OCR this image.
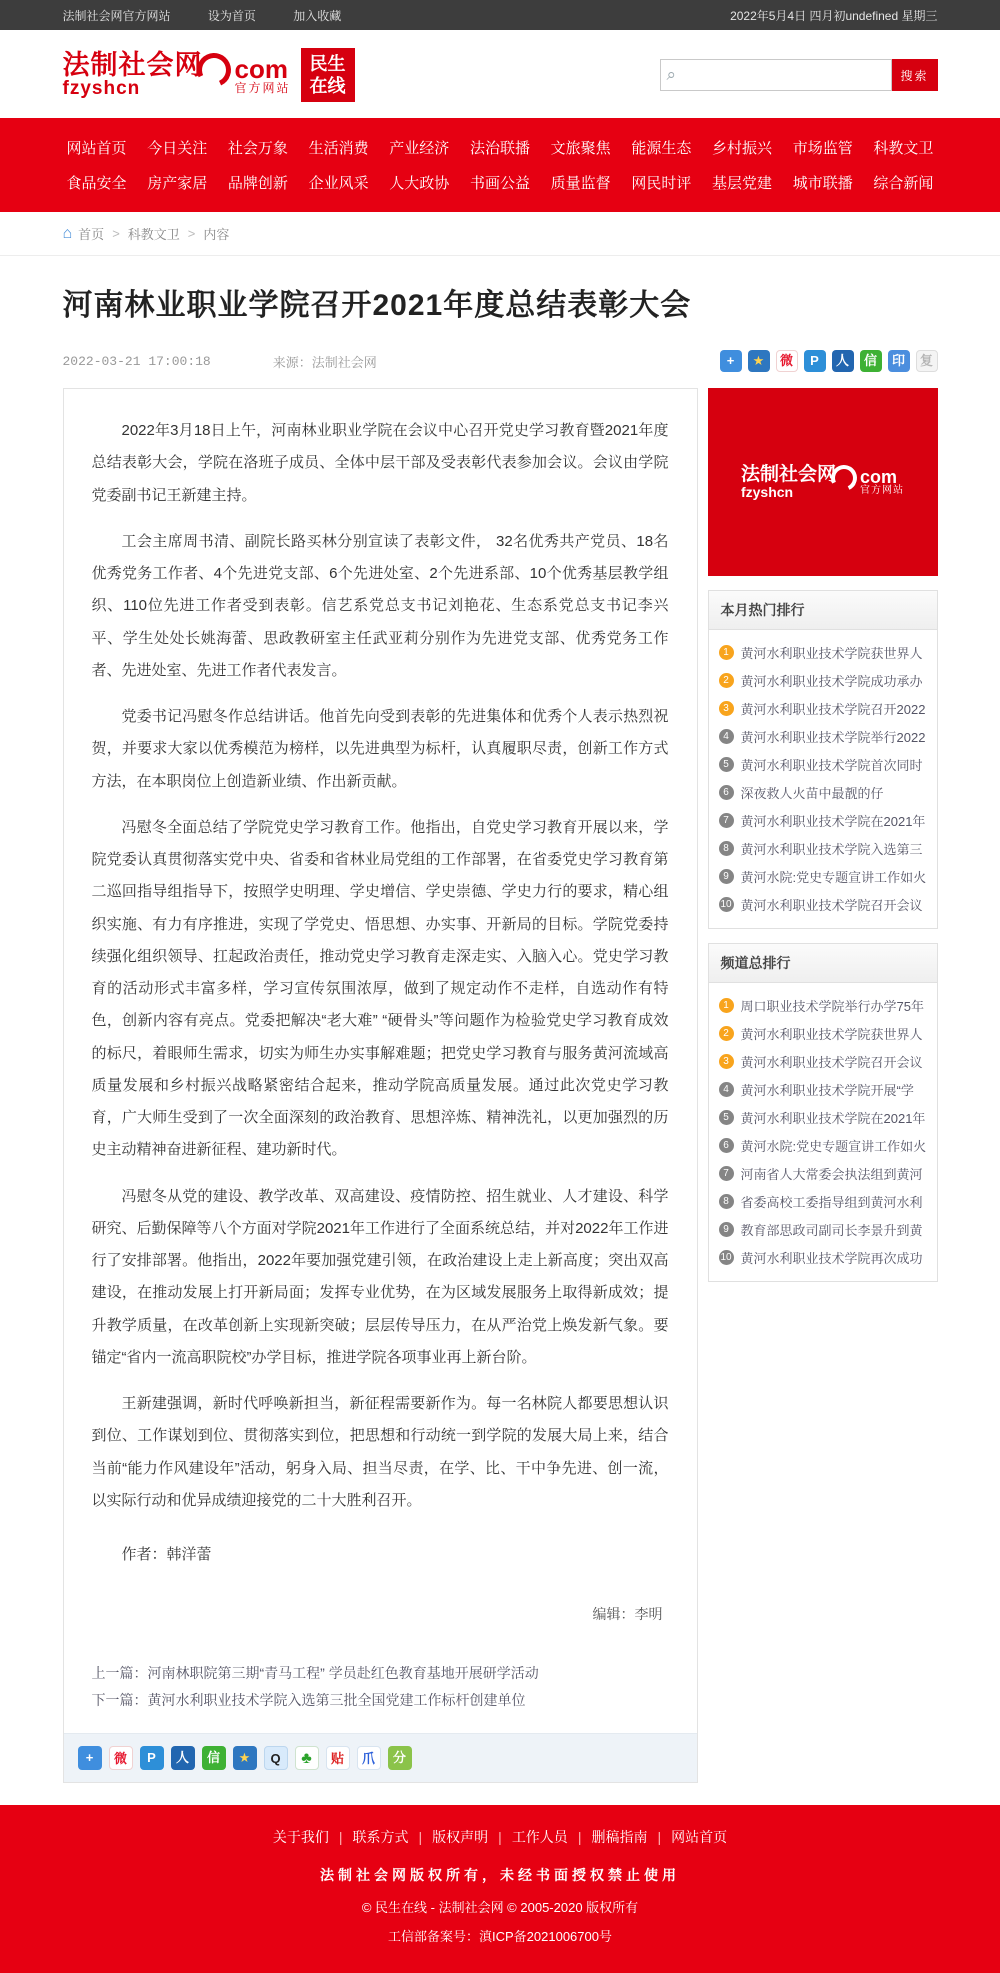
法制社会网官方网站	设为首页	加入收藏	2022年5月4日 四月初undefined 星期三
法制社会网
fzyshcn
com
官方网站
民生
在线
⌕	搜索
网站首页 今日关注 社会万象 生活消费 产业经济 法治联播 文旅聚焦 能源生态 乡村振兴 市场监管 科教文卫
食品安全 房产家居 品牌创新 企业风采 人大政协 书画公益 质量监督 网民时评 基层党建 城市联播 综合新闻
⌂ 首页 > 科教文卫 > 内容
河南林业职业学院召开2021年度总结表彰大会
2022-03-21 17:00:18	来源：法制社会网	+	★	微	P	人	信	印	复

2022年3月18日上午，河南林业职业学院在会议中心召开党史学习教育暨2021年度总结表彰大会，学院在洛班子成员、全体中层干部及受表彰代表参加会议。会议由学院党委副书记王新建主持。

工会主席周书清、副院长路买林分别宣读了表彰文件， 32名优秀共产党员、18名优秀党务工作者、4个先进党支部、6个先进处室、2个先进系部、10个优秀基层教学组织、110位先进工作者受到表彰。信艺系党总支书记刘艳花、生态系党总支书记李兴平、学生处处长姚海蕾、思政教研室主任武亚莉分别作为先进党支部、优秀党务工作者、先进处室、先进工作者代表发言。

党委书记冯慰冬作总结讲话。他首先向受到表彰的先进集体和优秀个人表示热烈祝贺，并要求大家以优秀模范为榜样，以先进典型为标杆，认真履职尽责，创新工作方式方法，在本职岗位上创造新业绩、作出新贡献。

冯慰冬全面总结了学院党史学习教育工作。他指出，自党史学习教育开展以来，学院党委认真贯彻落实党中央、省委和省林业局党组的工作部署，在省委党史学习教育第二巡回指导组指导下，按照学史明理、学史增信、学史崇德、学史力行的要求，精心组织实施、有力有序推进，实现了学党史、悟思想、办实事、开新局的目标。学院党委持续强化组织领导、扛起政治责任，推动党史学习教育走深走实、入脑入心。党史学习教育的活动形式丰富多样，学习宣传氛围浓厚，做到了规定动作不走样，自选动作有特色，创新内容有亮点。党委把解决“老大难” “硬骨头”等问题作为检验党史学习教育成效的标尺，着眼师生需求，切实为师生办实事解难题；把党史学习教育与服务黄河流域高质量发展和乡村振兴战略紧密结合起来，推动学院高质量发展。通过此次党史学习教育，广大师生受到了一次全面深刻的政治教育、思想淬炼、精神洗礼，以更加强烈的历史主动精神奋进新征程、建功新时代。

冯慰冬从党的建设、教学改革、双高建设、疫情防控、招生就业、人才建设、科学研究、后勤保障等八个方面对学院2021年工作进行了全面系统总结，并对2022年工作进行了安排部署。他指出，2022年要加强党建引领，在政治建设上走上新高度；突出双高建设，在推动发展上打开新局面；发挥专业优势，在为区域发展服务上取得新成效；提升教学质量，在改革创新上实现新突破；层层传导压力，在从严治党上焕发新气象。要锚定“省内一流高职院校”办学目标，推进学院各项事业再上新台阶。

王新建强调，新时代呼唤新担当，新征程需要新作为。每一名林院人都要思想认识到位、工作谋划到位、贯彻落实到位，把思想和行动统一到学院的发展大局上来，结合当前“能力作风建设年”活动，躬身入局、担当尽责，在学、比、干中争先进、创一流，以实际行动和优异成绩迎接党的二十大胜利召开。

作者：韩洋蕾

编辑：李明

上一篇：河南林职院第三期“青马工程” 学员赴红色教育基地开展研学活动
下一篇：黄河水利职业技术学院入选第三批全国党建工作标杆创建单位
+	微	P	人	信	★	Q	♣	贴	爪	分
法制社会网
fzyshcn
com
官方网站
本月热门排行
1 黄河水利职业技术学院获世界人
2 黄河水利职业技术学院成功承办
3 黄河水利职业技术学院召开2022
4 黄河水利职业技术学院举行2022
5 黄河水利职业技术学院首次同时
6 深夜救人火苗中最靓的仔
7 黄河水利职业技术学院在2021年
8 黄河水利职业技术学院入选第三
9 黄河水院:党史专题宣讲工作如火
10 黄河水利职业技术学院召开会议
频道总排行
1 周口职业技术学院举行办学75年
2 黄河水利职业技术学院获世界人
3 黄河水利职业技术学院召开会议
4 黄河水利职业技术学院开展“学
5 黄河水利职业技术学院在2021年
6 黄河水院:党史专题宣讲工作如火
7 河南省人大常委会执法组到黄河
8 省委高校工委指导组到黄河水利
9 教育部思政司副司长李景升到黄
10 黄河水利职业技术学院再次成功
关于我们 | 联系方式 | 版权声明 | 工作人员 | 删稿指南 | 网站首页

法制社会网版权所有，未经书面授权禁止使用

© 民生在线 - 法制社会网 © 2005-2020 版权所有

工信部备案号：滇ICP备2021006700号
